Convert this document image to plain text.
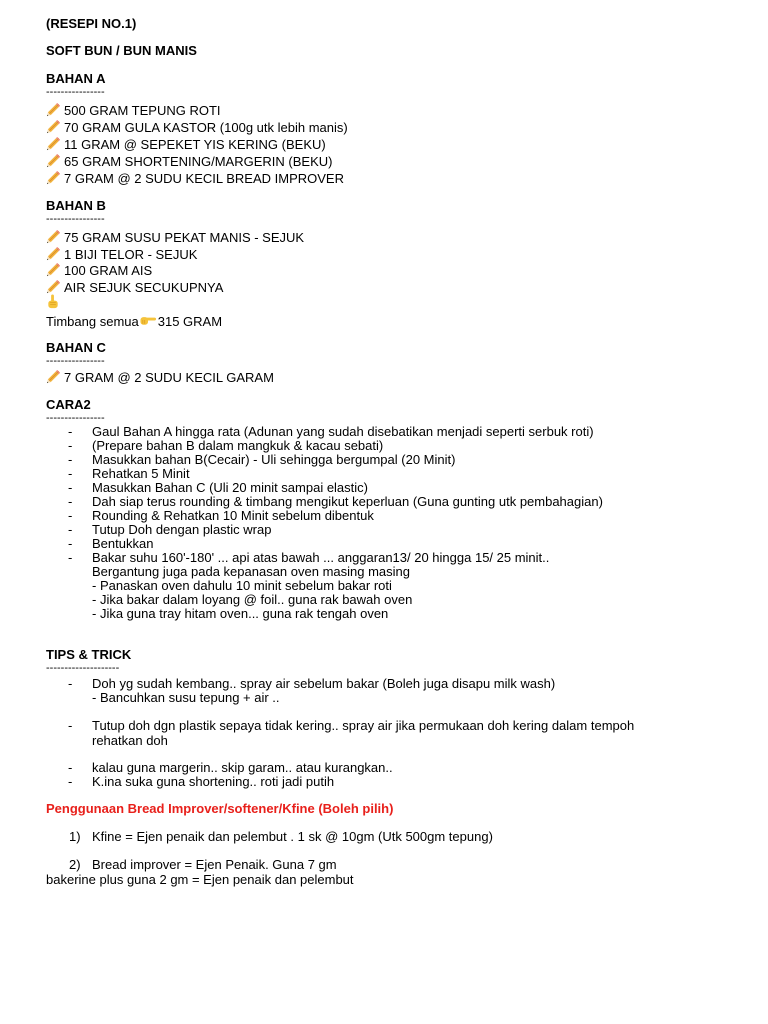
(RESEPI NO.1)
SOFT BUN / BUN MANIS
BAHAN A
----------------
500 GRAM TEPUNG ROTI
70 GRAM GULA KASTOR (100g utk lebih manis)
11 GRAM @ SEPEKET YIS KERING (BEKU)
65 GRAM SHORTENING/MARGERIN (BEKU)
7 GRAM @ 2 SUDU KECIL BREAD IMPROVER
BAHAN B
----------------
75 GRAM SUSU PEKAT MANIS - SEJUK
1 BIJI TELOR - SEJUK
100 GRAM AIS
AIR SEJUK SECUKUPNYA
Timbang semua 315 GRAM
BAHAN C
----------------
7 GRAM @ 2 SUDU KECIL GARAM
CARA2
----------------
- Gaul Bahan A hingga rata (Adunan yang sudah disebatikan menjadi seperti serbuk roti)
- (Prepare bahan B dalam mangkuk & kacau sebati)
- Masukkan bahan B(Cecair) - Uli sehingga bergumpal (20 Minit)
- Rehatkan 5 Minit
- Masukkan Bahan C (Uli 20 minit sampai elastic)
- Dah siap terus rounding & timbang mengikut keperluan (Guna gunting utk pembahagian)
- Rounding & Rehatkan 10 Minit sebelum dibentuk
- Tutup Doh dengan plastic wrap
- Bentukkan
- Bakar suhu 160'-180' ... api atas bawah ... anggaran13/ 20 hingga 15/ 25 minit..
Bergantung juga pada kepanasan oven masing masing
- Panaskan oven dahulu 10 minit sebelum bakar roti
- Jika bakar dalam loyang @ foil.. guna rak bawah oven
- Jika guna tray hitam oven... guna rak tengah oven
TIPS & TRICK
--------------------
- Doh yg sudah kembang.. spray air sebelum bakar (Boleh juga disapu milk wash)
- Bancuhkan susu tepung + air ..
- Tutup doh dgn plastik sepaya tidak kering.. spray air jika permukaan doh kering dalam tempoh
rehatkan doh
- kalau guna margerin.. skip garam.. atau kurangkan..
- K.ina suka guna shortening.. roti jadi putih
Penggunaan Bread Improver/softener/Kfine (Boleh pilih)
1) Kfine = Ejen penaik dan pelembut . 1 sk @ 10gm (Utk 500gm tepung)
2) Bread improver = Ejen Penaik. Guna 7 gm
bakerine plus guna 2 gm = Ejen penaik dan pelembut
